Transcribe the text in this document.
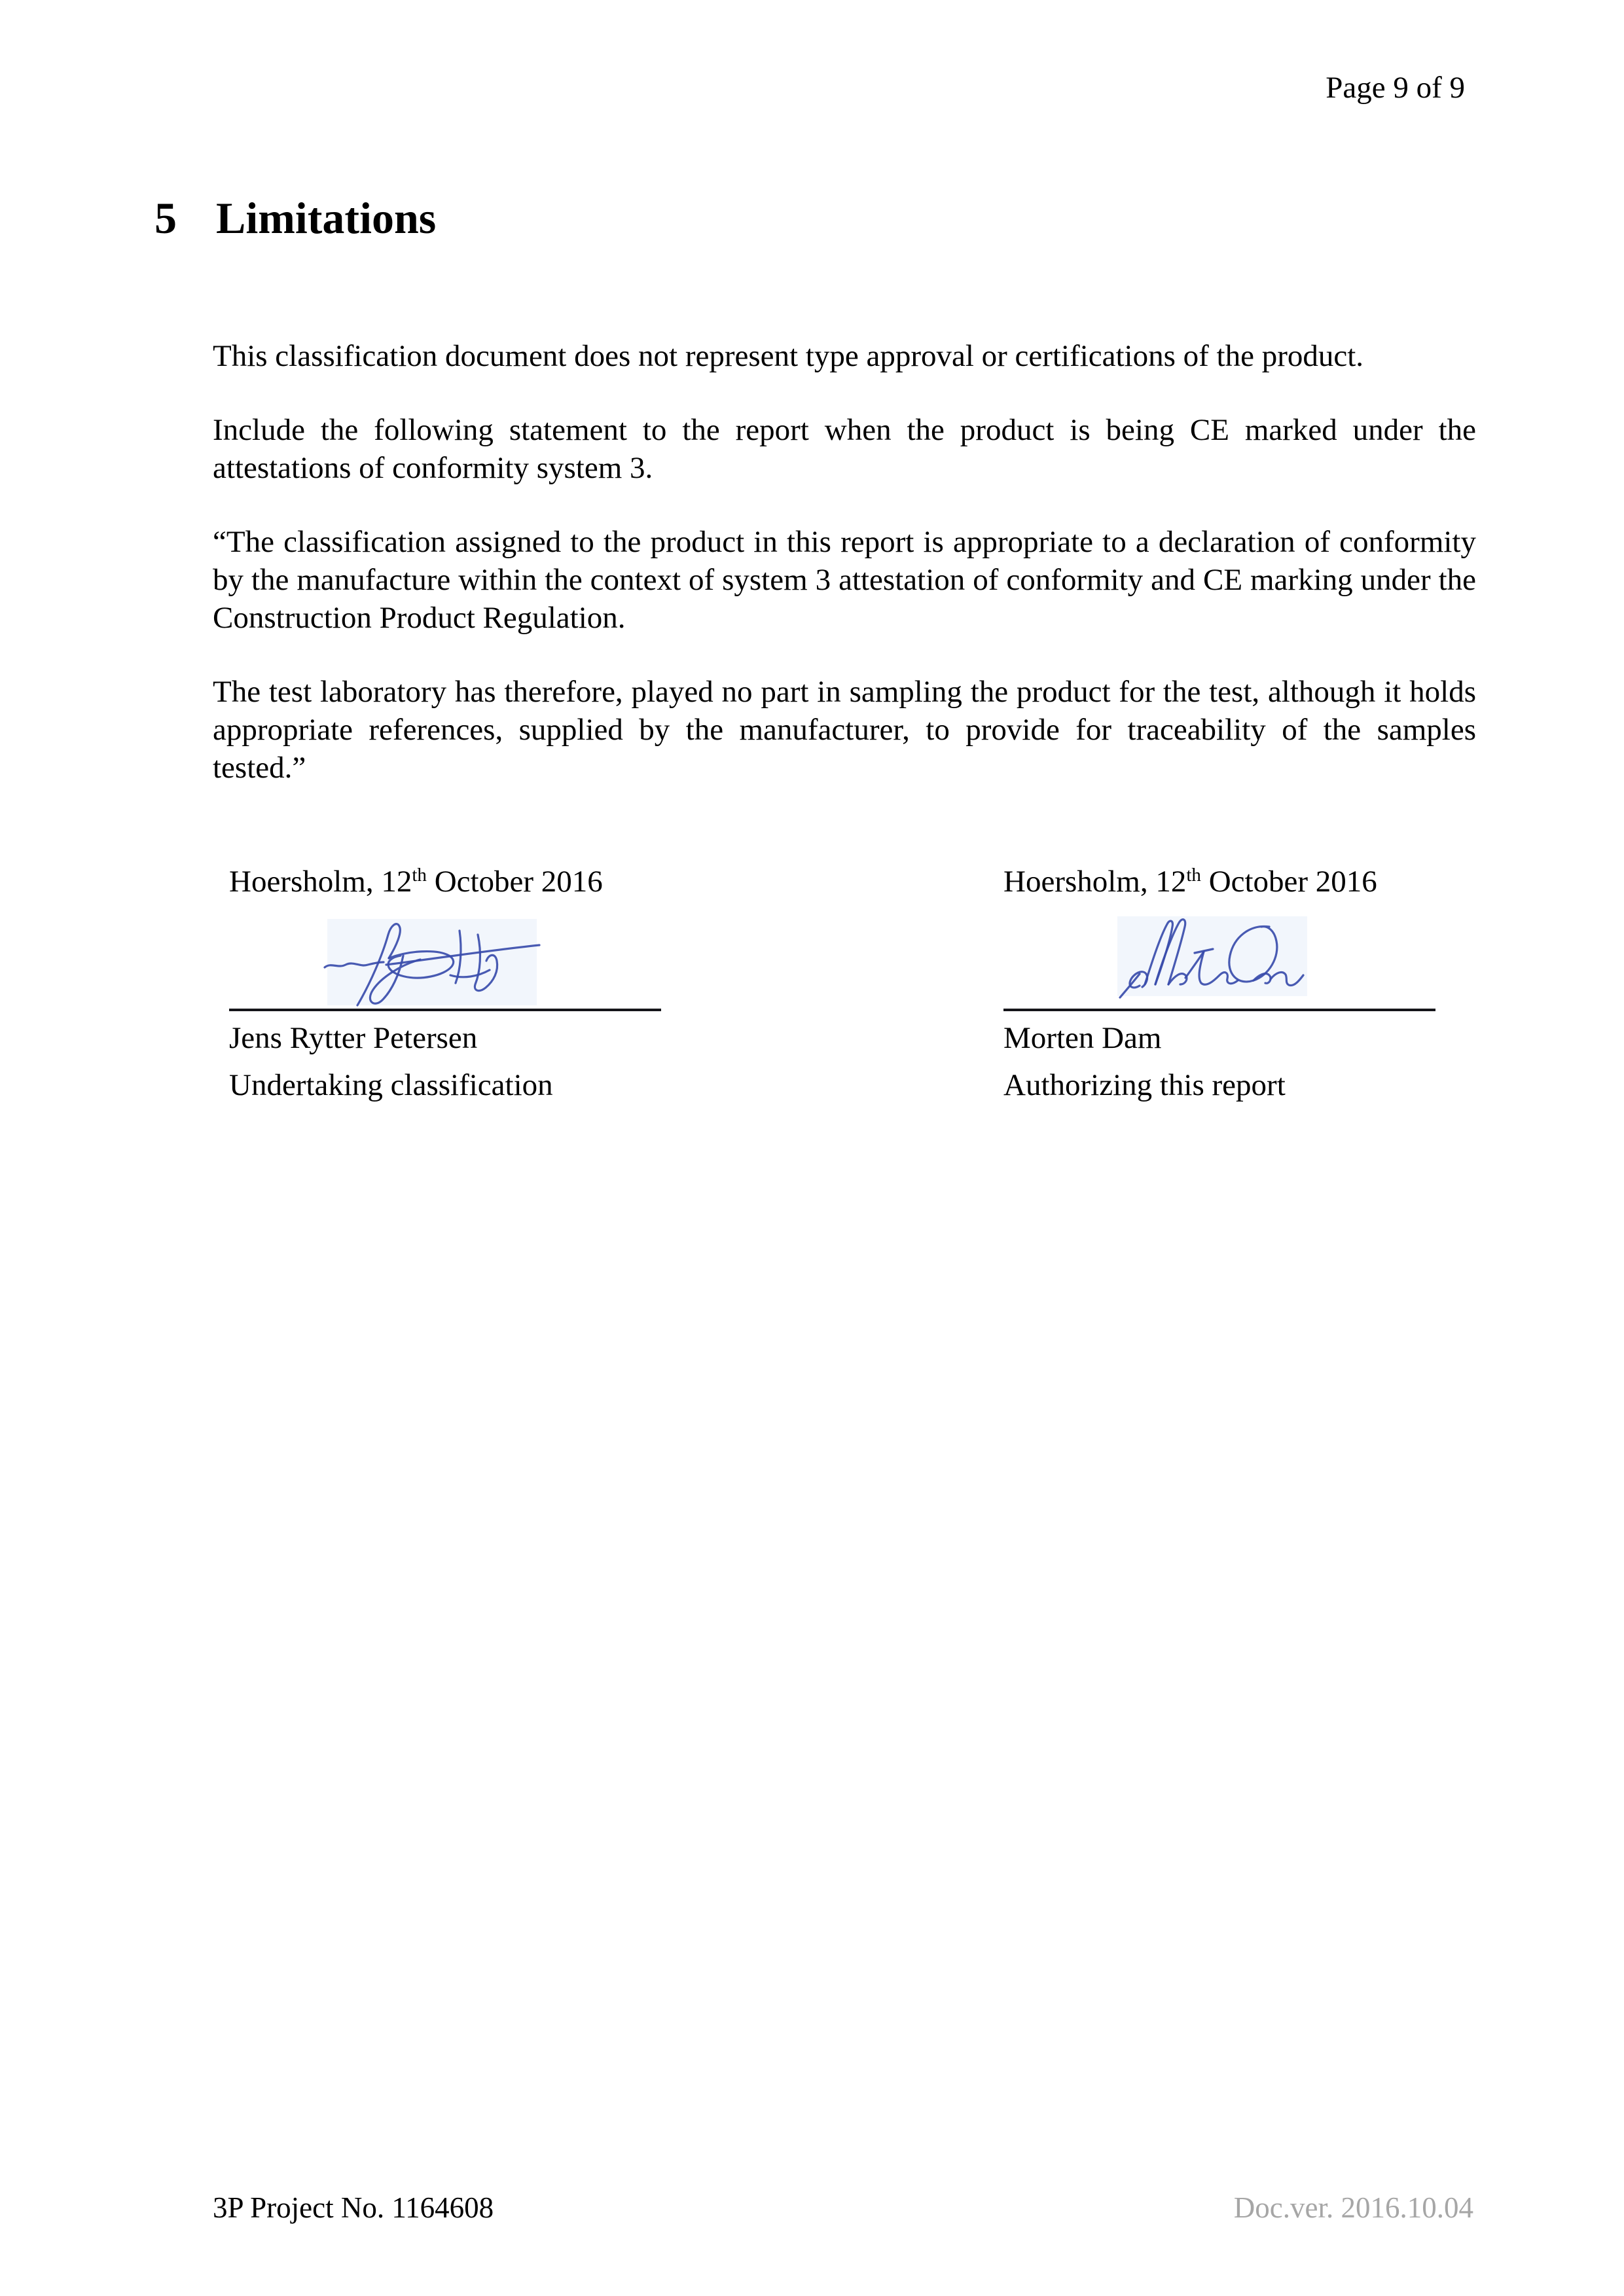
Page 9 of 9
5 Limitations

This classification document does not represent type approval or certifications of the product.

Include the following statement to the report when the product is being CE marked under the attestations of conformity system 3.

“The classification assigned to the product in this report is appropriate to a declaration of conformity by the manufacture within the context of system 3 attestation of conformity and CE marking under the Construction Product Regulation.

The test laboratory has therefore, played no part in sampling the product for the test, although it holds appropriate references, supplied by the manufacturer, to provide for traceability of the samples tested.”

Hoersholm, 12th October 2016
Jens Rytter Petersen
Undertaking classification
Hoersholm, 12th October 2016
Morten Dam
Authorizing this report
3P Project No. 1164608	Doc.ver. 2016.10.04
